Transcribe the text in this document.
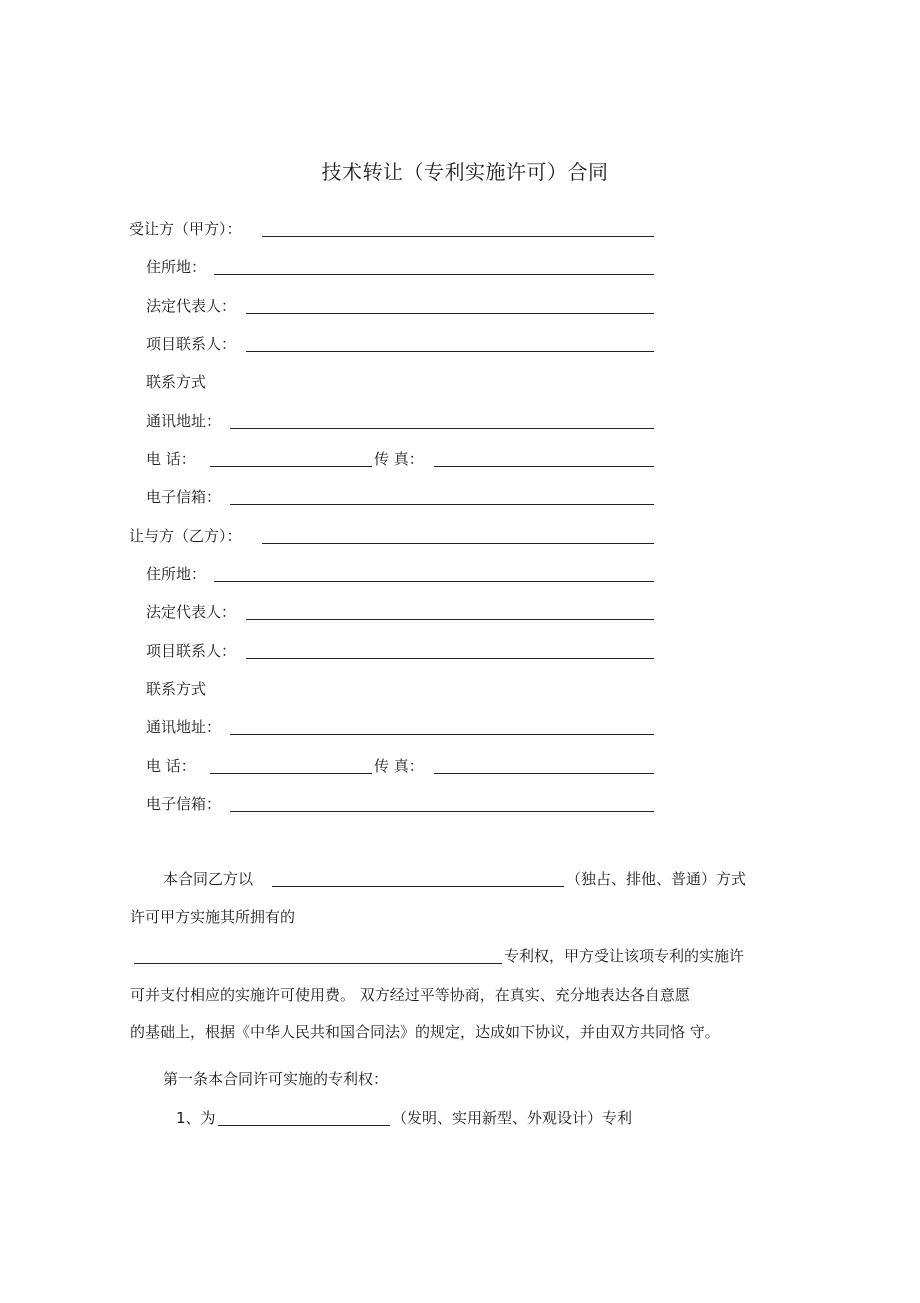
技术转让（专利实施许可）合同
受让方（甲方）：
住所地：
法定代表人：
项目联系人：
联系方式
通讯地址：
电 话：	传 真：
电子信箱：
让与方（乙方）：
住所地：
法定代表人：
项目联系人：
联系方式
通讯地址：
电 话：	传 真：
电子信箱：
本合同乙方以	（独占、排他、普通）方式
许可甲方实施其所拥有的
专利权，甲方受让该项专利的实施许
可并支付相应的实施许可使用费。 双方经过平等协商，在真实、充分地表达各自意愿
的基础上，根据《中华人民共和国合同法》的规定，达成如下协议，并由双方共同恪 守。
第一条本合同许可实施的专利权：
1、为	（发明、实用新型、外观设计）专利
